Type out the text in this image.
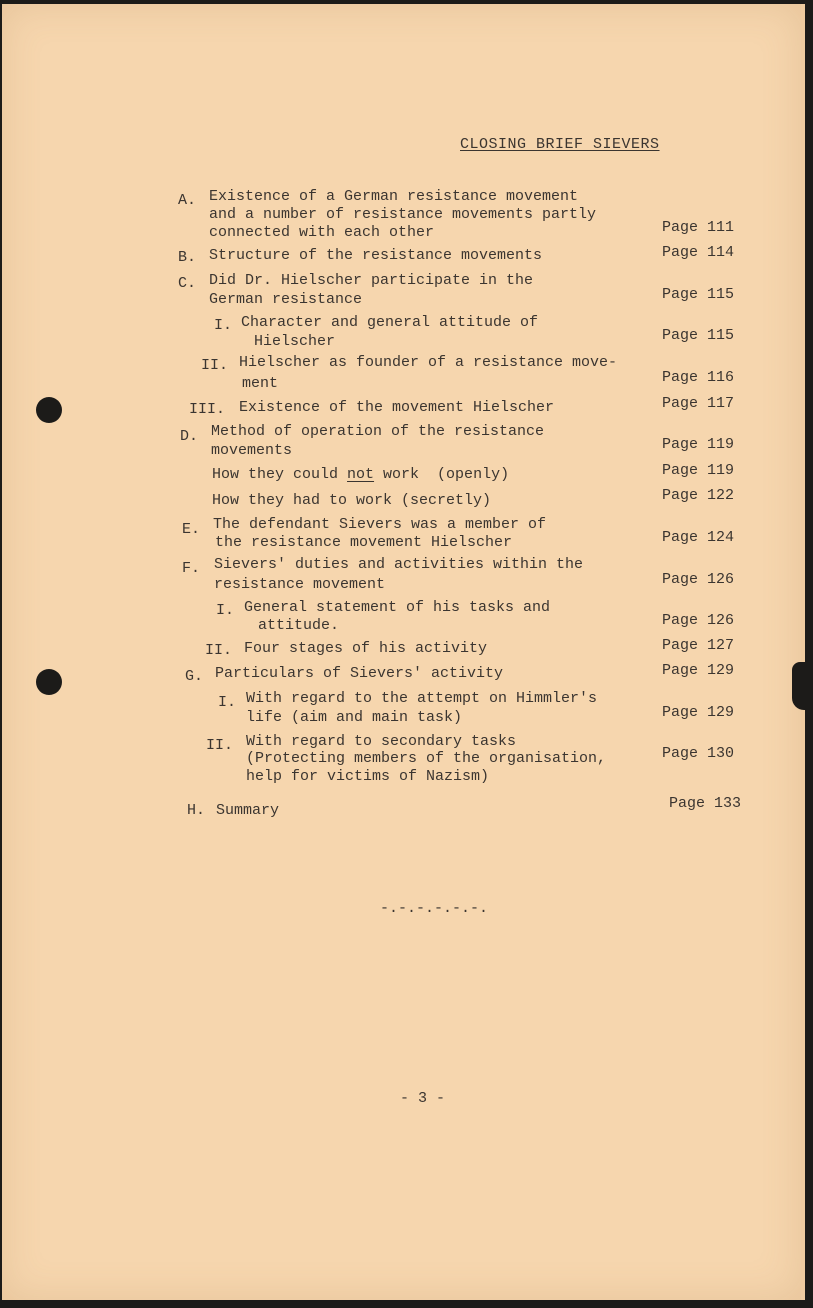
CLOSING BRIEF SIEVERS
A. Existence of a German resistance movement
and a number of resistance movements partly
connected with each other	Page 111
B. Structure of the resistance movements	Page 114
C. Did Dr. Hielscher participate in the
German resistance	Page 115
I. Character and general attitude of
Hielscher	Page 115
II. Hielscher as founder of a resistance move-
ment	Page 116
III. Existence of the movement Hielscher	Page 117
D. Method of operation of the resistance
movements	Page 119
How they could not work  (openly)	Page 119
How they had to work (secretly)	Page 122
E. The defendant Sievers was a member of
the resistance movement Hielscher	Page 124
F. Sievers' duties and activities within the
resistance movement	Page 126
I. General statement of his tasks and
attitude.	Page 126
II. Four stages of his activity	Page 127
G. Particulars of Sievers' activity	Page 129
I. With regard to the attempt on Himmler's
life (aim and main task)	Page 129
II. With regard to secondary tasks
(Protecting members of the organisation,
help for victims of Nazism)
Page 130
H. Summary	Page 133
-.-.-.-.-.-.
- 3 -
